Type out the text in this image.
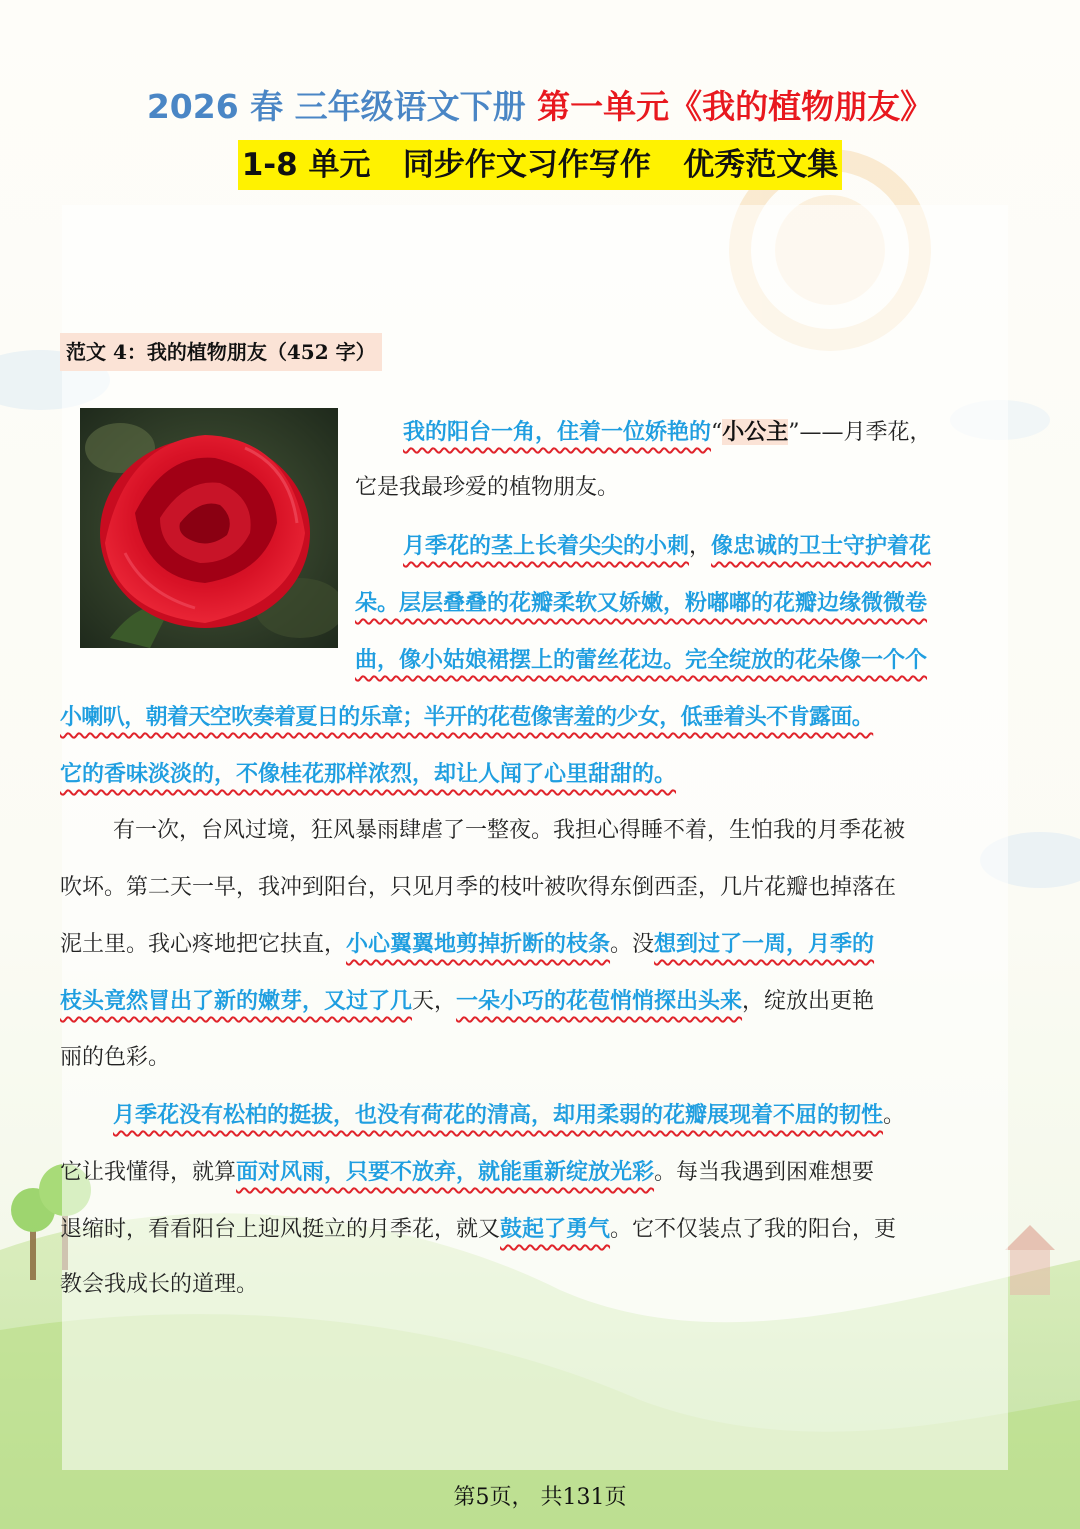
2026 春 三年级语文下册 第一单元《我的植物朋友》
1-8 单元   同步作文习作写作   优秀范文集
范文 4：我的植物朋友（452 字）
我的阳台一角，住着一位娇艳的“小公主”——月季花，
它是我最珍爱的植物朋友。
月季花的茎上长着尖尖的小刺，像忠诚的卫士守护着花
朵。层层叠叠的花瓣柔软又娇嫩，粉嘟嘟的花瓣边缘微微卷
曲，像小姑娘裙摆上的蕾丝花边。完全绽放的花朵像一个个
小喇叭，朝着天空吹奏着夏日的乐章；半开的花苞像害羞的少女，低垂着头不肯露面。
它的香味淡淡的，不像桂花那样浓烈，却让人闻了心里甜甜的。
有一次，台风过境，狂风暴雨肆虐了一整夜。我担心得睡不着，生怕我的月季花被
吹坏。第二天一早，我冲到阳台，只见月季的枝叶被吹得东倒西歪，几片花瓣也掉落在
泥土里。我心疼地把它扶直，小心翼翼地剪掉折断的枝条。没想到过了一周，月季的
枝头竟然冒出了新的嫩芽，又过了几天，一朵小巧的花苞悄悄探出头来，绽放出更艳
丽的色彩。
月季花没有松柏的挺拔，也没有荷花的清高，却用柔弱的花瓣展现着不屈的韧性。
它让我懂得，就算面对风雨，只要不放弃，就能重新绽放光彩。每当我遇到困难想要
退缩时，看看阳台上迎风挺立的月季花，就又鼓起了勇气。它不仅装点了我的阳台，更
教会我成长的道理。
第5页， 共131页
